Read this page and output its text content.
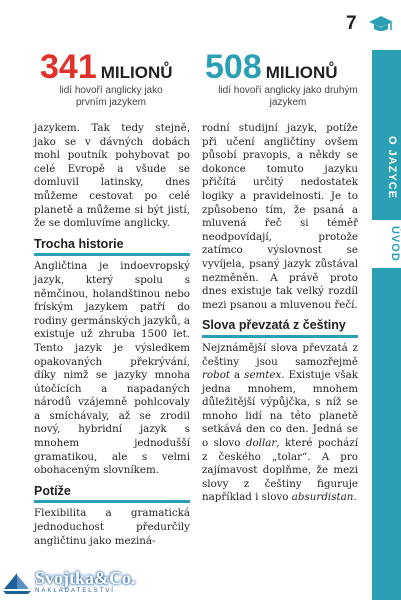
7
341 MILIONŮ
lidí hovoří anglicky jako prvním jazykem
508 MILIONŮ
lidí hovoří anglicky jako druhým jazykem

jazykem. Tak tedy stejně, jako se v dávných dobách mohl poutník pohybovat po celé Evropě a všude se domluvil latinsky, dnes můžeme cestovat po celé planetě a můžeme si být jistí, že se domluvíme anglicky.

Trocha historie

Angličtina je indoevropský jazyk, který spolu s němčinou, holandštinou nebo fríským jazykem patří do rodiny germánských jazyků, a existuje už zhruba 1500 let. Tento jazyk je výsledkem opakovaných překrývání, díky nimž se jazyky mnoha útočících a napadaných národů vzájemně pohlcovaly a smíchávaly, až se zrodil nový, hybridní jazyk s mnohem jednodušší gramatikou, ale s velmi obohaceným slovníkem.

Potíže

Flexibilita a gramatická jednoduchost předurčily angličtinu jako meziná-

rodní studijní jazyk, potíže při učení angličtiny ovšem působí pravopis, a někdy se dokonce tomuto jazyku přičítá určitý nedostatek logiky a pravidelnosti. Je to způsobeno tím, že psaná a mluvená řeč si téměř neodpovídají, protože zatímco výslovnost se vyvíjela, psaný jazyk zůstával nezměněn. A právě proto dnes existuje tak velký rozdíl mezi psanou a mluvenou řečí.

Slova převzatá z češtiny

Nejznámější slova převzatá z češtiny jsou samozřejmě robot a semtex. Existuje však jedna mnohem, mnohem důležitější výpůjčka, s níž se mnoho lidí na této planetě setkává den co den. Jedná se o slovo dollar, které pochází z českého „tolar“. A pro zajímavost doplňme, že mezi slovy z češtiny figuruje například i slovo absurdistan.

O JAZYCE
ÚVOD
Svojtka&Co.
NAKLADATELSTVÍ
